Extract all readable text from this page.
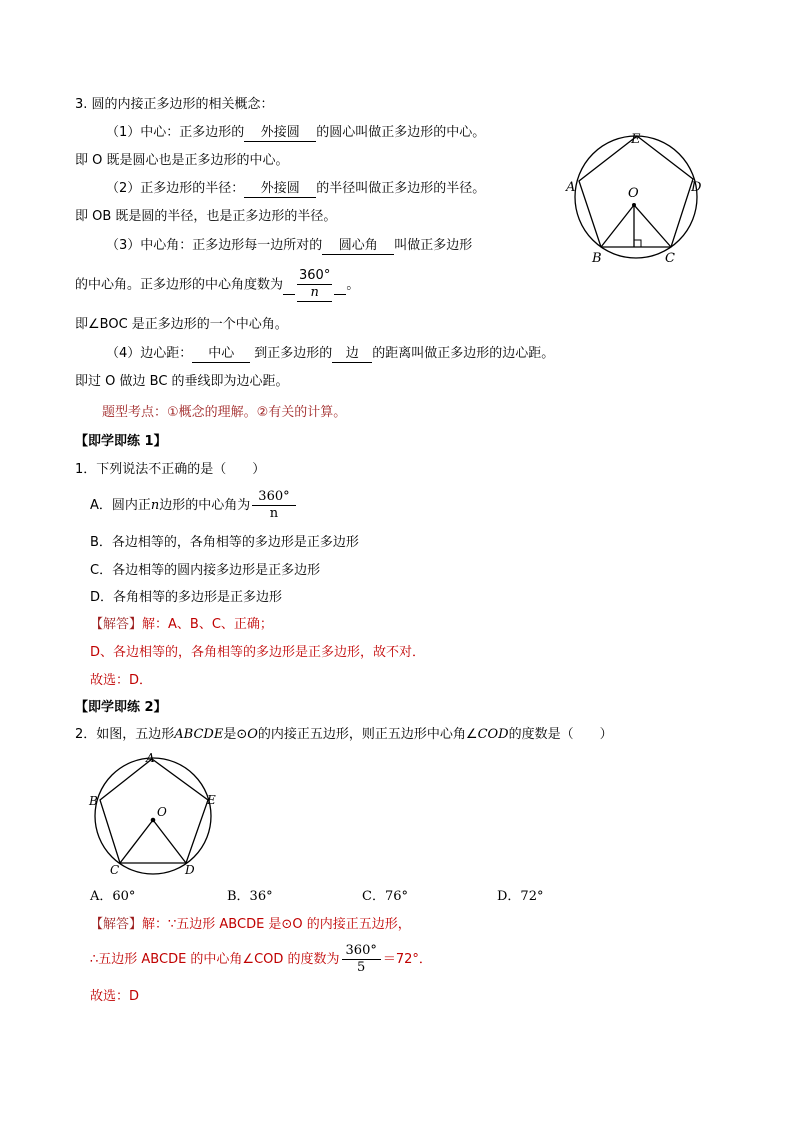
3. 圆的内接正多边形的相关概念：
（1）中心：正多边形的 外接圆 的圆心叫做正多边形的中心。
即 O 既是圆心也是正多边形的中心。
（2）正多边形的半径： 外接圆 的半径叫做正多边形的半径。
即 OB 既是圆的半径，也是正多边形的半径。
（3）中心角：正多边形每一边所对的 圆心角 叫做正多边形
的中心角。正多边形的中心角度数为 $\frac{360^\circ}{n}$ 。
即∠BOC 是正多边形的一个中心角。
（4）边心距： 中心 到正多边形的 边 的距离叫做正多边形的边心距。
即过 O 做边 BC 的垂线即为边心距。
题型考点：①概念的理解。②有关的计算。
E
A	O	D
B	C
【即学即练 1】
1．下列说法不正确的是（　　）
A．圆内正n边形的中心角为 $\frac{360^\circ}{n}$
B．各边相等的，各角相等的多边形是正多边形
C．各边相等的圆内接多边形是正多边形
D．各角相等的多边形是正多边形
【解答】解：A、B、C、正确；
D、各边相等的，各角相等的多边形是正多边形，故不对．
故选：D．
【即学即练 2】
2．如图，五边形ABCDE是⊙O的内接正五边形，则正五边形中心角∠COD的度数是（　　）
A
B
O
E
C	D
A．60°	B．36°	C．76°	D．72°
【解答】解：∵五边形 ABCDE 是⊙O 的内接正五边形，
∴五边形 ABCDE 的中心角∠COD 的度数为 $\frac{360^\circ}{5} =72^\circ$．
故选：D
